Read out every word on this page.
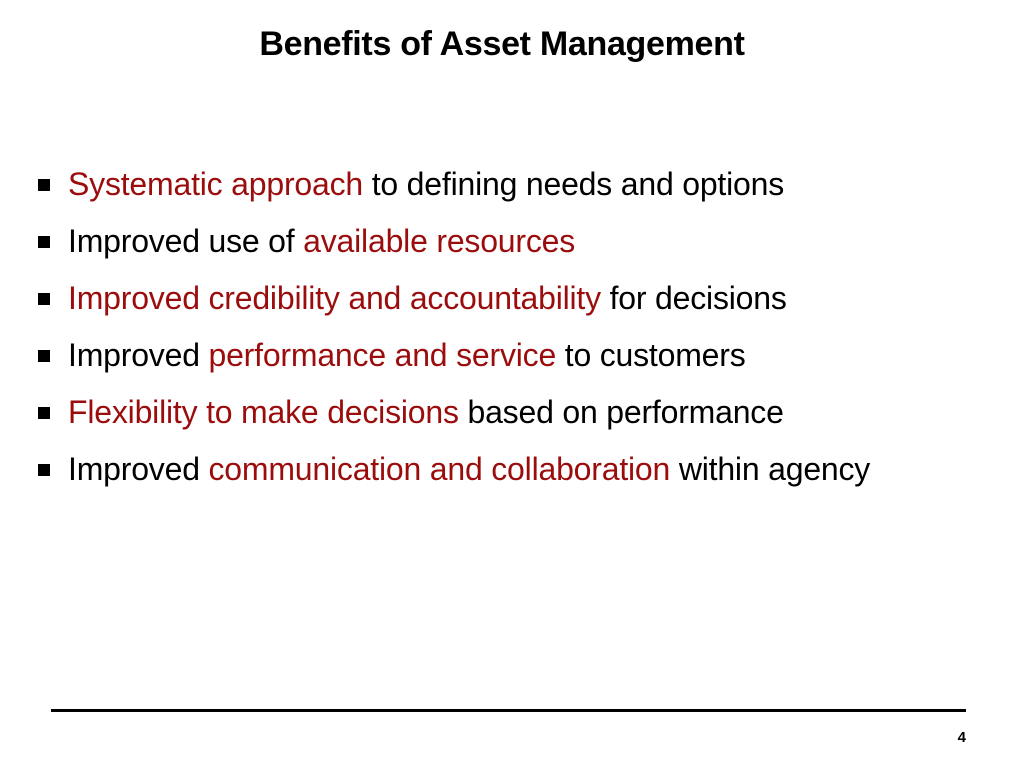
Benefits of Asset Management
Systematic approach to defining needs and options
Improved use of available resources
Improved credibility and accountability for decisions
Improved performance and service to customers
Flexibility to make decisions based on performance
Improved communication and collaboration within agency
4
